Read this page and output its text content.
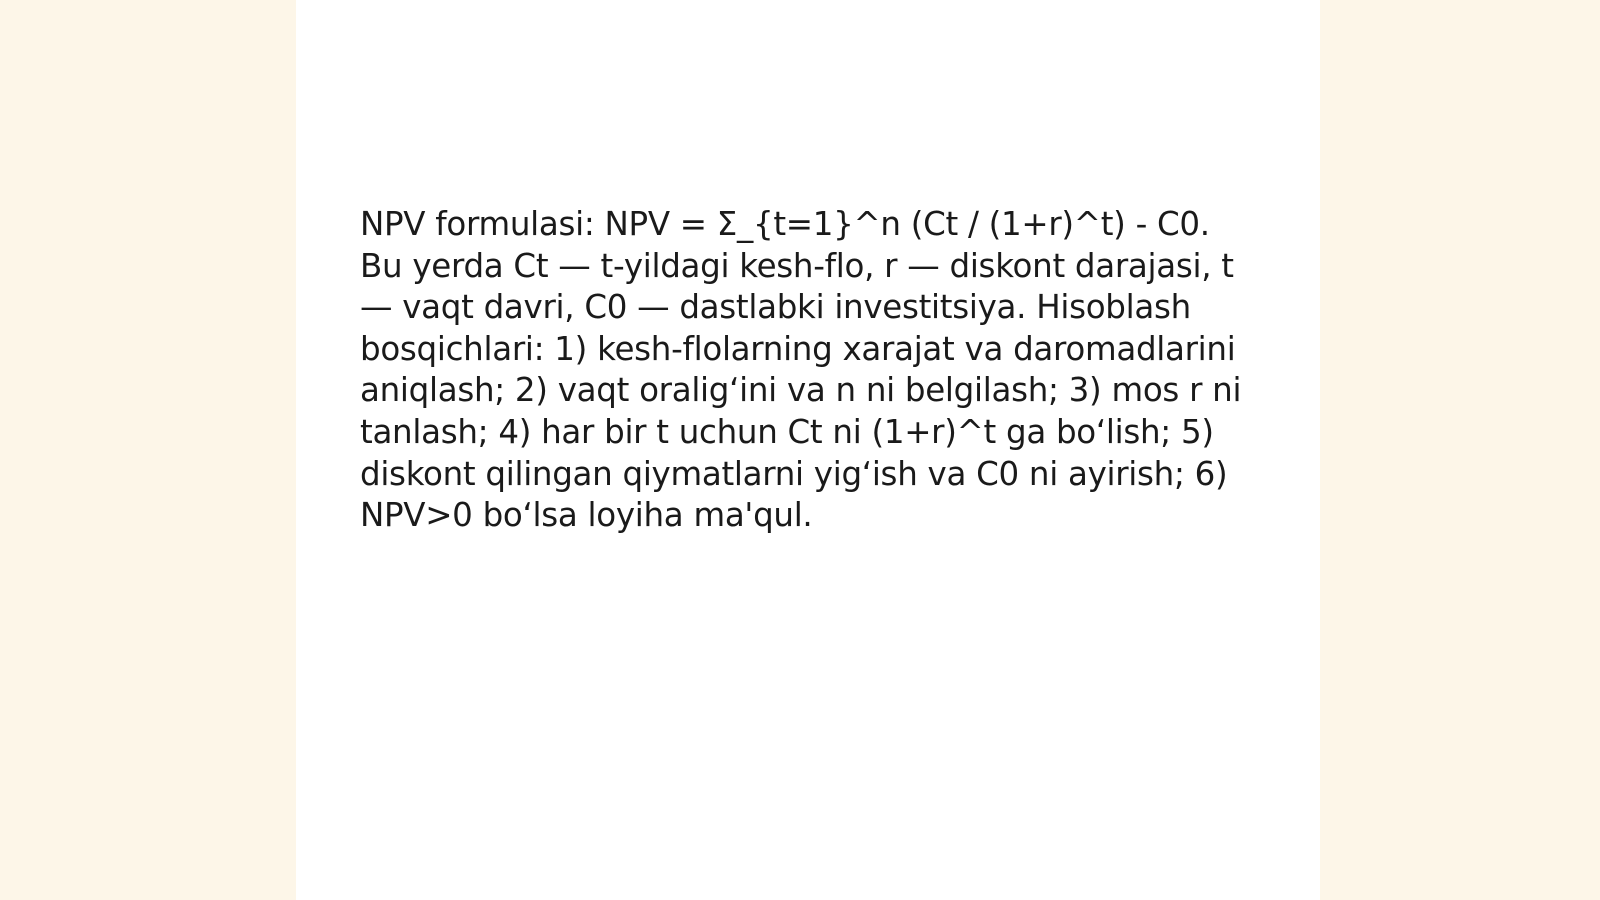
NPV formulasi: NPV = Σ_{t=1}^n (Ct / (1+r)^t) - C0. Bu yerda Ct — t-yildagi kesh-flo, r — diskont darajasi, t — vaqt davri, C0 — dastlabki investitsiya. Hisoblash bosqichlari: 1) kesh-flolarning xarajat va daromadlarini aniqlash; 2) vaqt oralig‘ini va n ni belgilash; 3) mos r ni tanlash; 4) har bir t uchun Ct ni (1+r)^t ga bo‘lish; 5) diskont qilingan qiymatlarni yig‘ish va C0 ni ayirish; 6) NPV>0 bo‘lsa loyiha ma'qul.
